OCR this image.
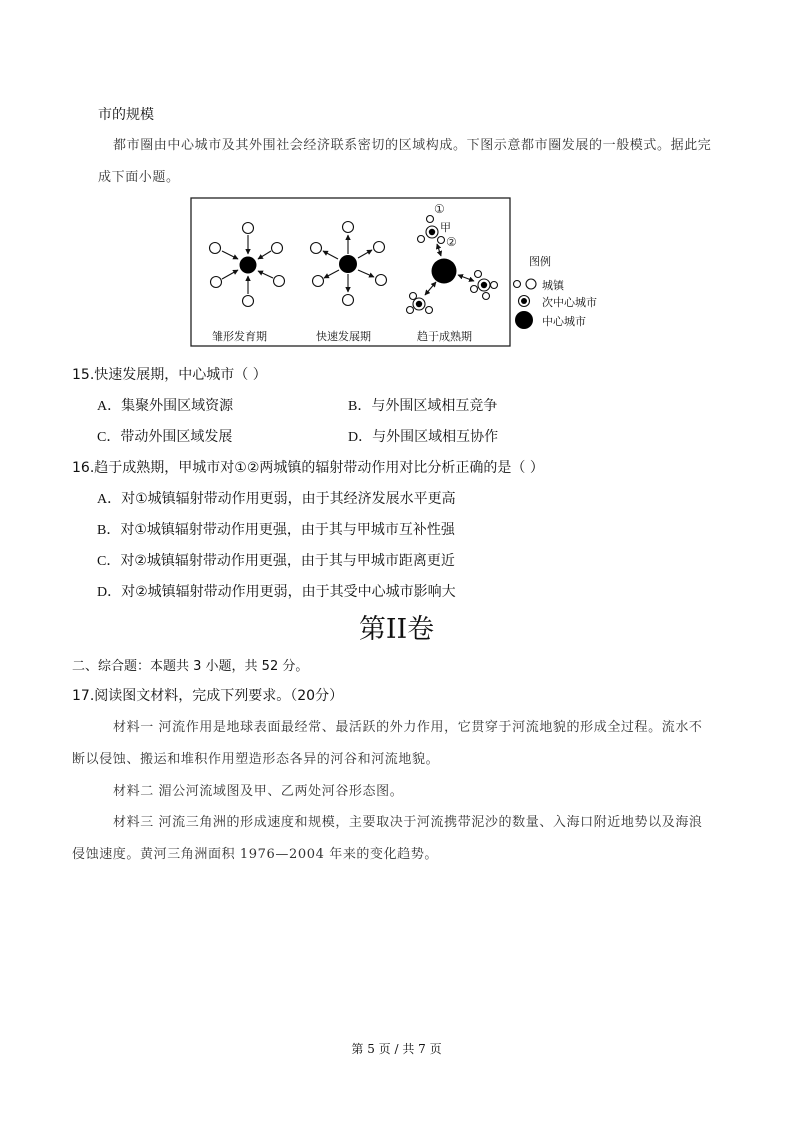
市的规模
都市圈由中心城市及其外围社会经济联系密切的区域构成。下图示意都市圈发展的一般模式。据此完
成下面小题。
①
甲
②
雏形发育期	快速发展期	趋于成熟期
图例
城镇
次中心城市
中心城市
15.快速发展期，中心城市（ ）
A．集聚外围区域资源	B．与外围区域相互竞争
C．带动外围区域发展	D．与外围区域相互协作
16.趋于成熟期，甲城市对①②两城镇的辐射带动作用对比分析正确的是（ ）
A．对①城镇辐射带动作用更弱，由于其经济发展水平更高
B．对①城镇辐射带动作用更强，由于其与甲城市互补性强
C．对②城镇辐射带动作用更强，由于其与甲城市距离更近
D．对②城镇辐射带动作用更弱，由于其受中心城市影响大
第II卷
二、综合题：本题共 3 小题，共 52 分。
17.阅读图文材料，完成下列要求。（20分）
材料一 河流作用是地球表面最经常、最活跃的外力作用，它贯穿于河流地貌的形成全过程。流水不
断以侵蚀、搬运和堆积作用塑造形态各异的河谷和河流地貌。
材料二 湄公河流域图及甲、乙两处河谷形态图。
材料三 河流三角洲的形成速度和规模，主要取决于河流携带泥沙的数量、入海口附近地势以及海浪
侵蚀速度。黄河三角洲面积 1976—2004 年来的变化趋势。
第 5 页 / 共 7 页
